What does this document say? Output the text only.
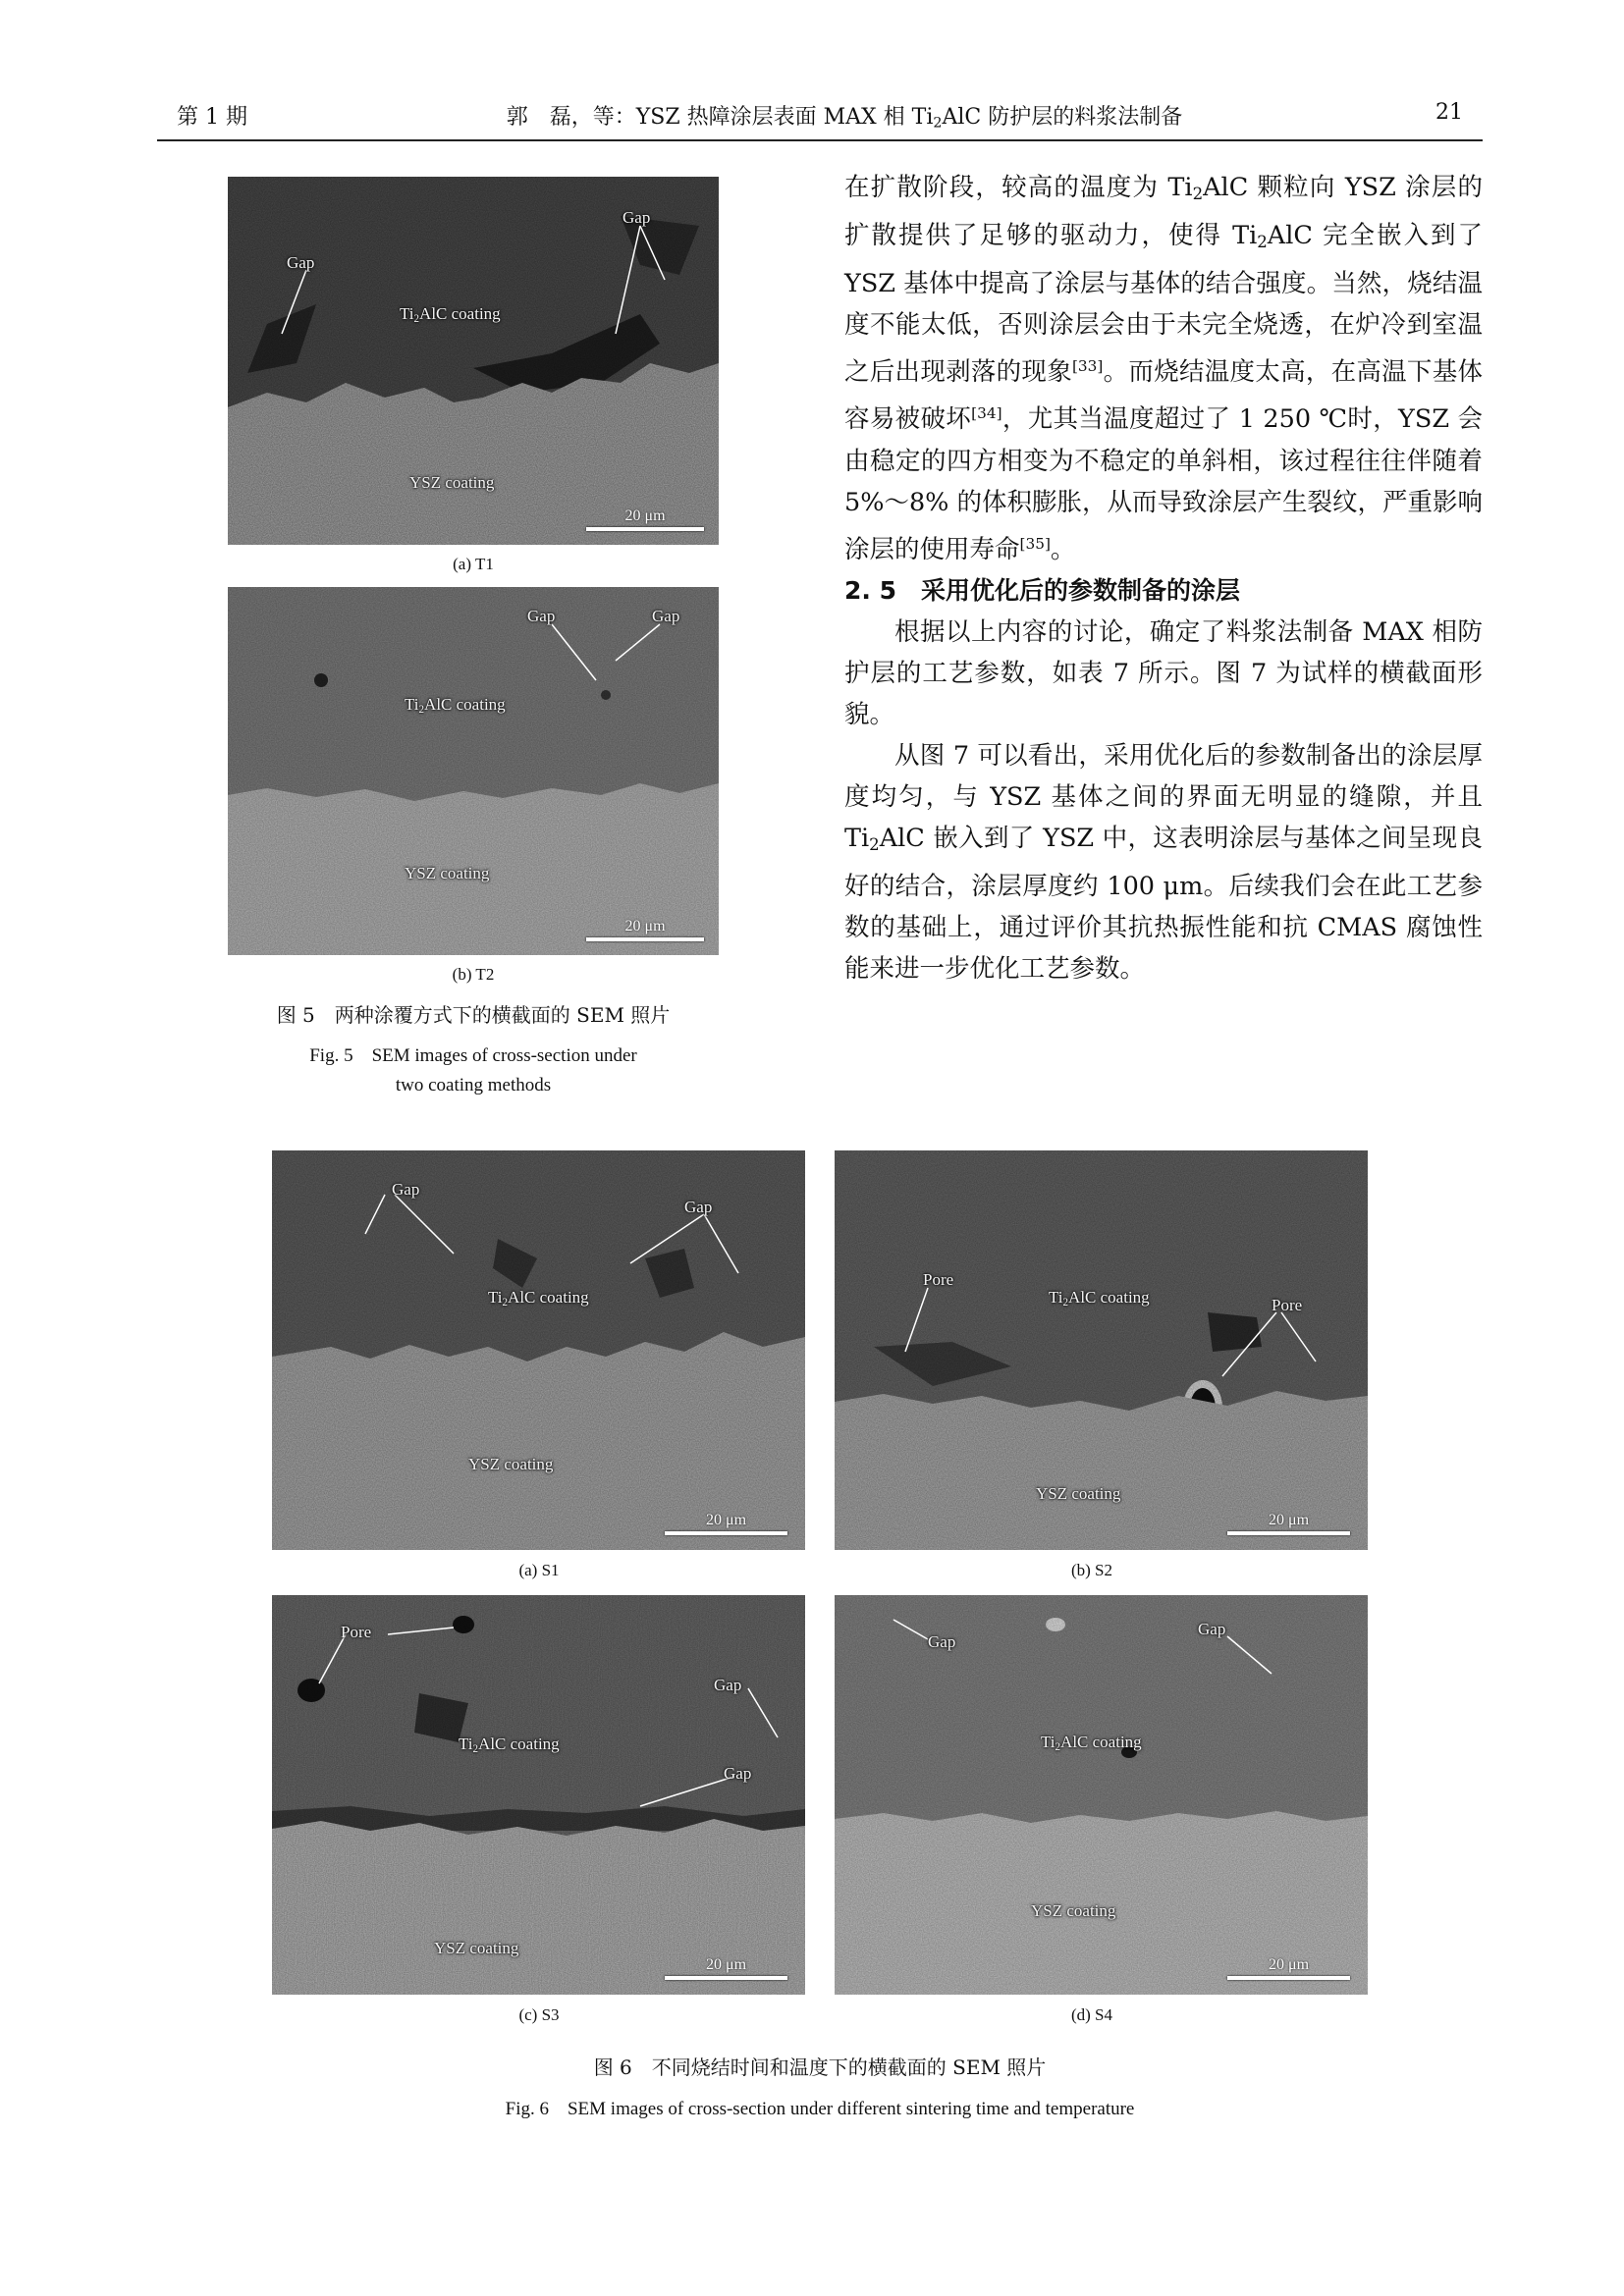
第 1 期	郭　磊，等：YSZ 热障涂层表面 MAX 相 $Ti_2AlC$ 防护层的料浆法制备	21
Gap
Gap
$Ti_2AlC$ coating
YSZ coating
20 μm
(a) T1
Gap	Gap
$Ti_2AlC$ coating
YSZ coating
20 μm
(b) T2
图 5　两种涂覆方式下的横截面的 SEM 照片
Fig. 5　SEM images of cross-section under
two coating methods

在扩散阶段，较高的温度为 $Ti_2AlC$ 颗粒向 YSZ 涂层的扩散提供了足够的驱动力，使得 $Ti_2AlC$ 完全嵌入到了 YSZ 基体中提高了涂层与基体的结合强度。当然，烧结温度不能太低，否则涂层会由于未完全烧透，在炉冷到室温之后出现剥落的现象[33]。而烧结温度太高，在高温下基体容易被破坏[34]，尤其当温度超过了 1 250 ℃时，YSZ 会由稳定的四方相变为不稳定的单斜相，该过程往往伴随着 5%～8% 的体积膨胀，从而导致涂层产生裂纹，严重影响涂层的使用寿命[35]。

2. 5　采用优化后的参数制备的涂层

根据以上内容的讨论，确定了料浆法制备 MAX 相防护层的工艺参数，如表 7 所示。图 7 为试样的横截面形貌。

从图 7 可以看出，采用优化后的参数制备出的涂层厚度均匀，与 YSZ 基体之间的界面无明显的缝隙，并且 $Ti_2AlC$ 嵌入到了 YSZ 中，这表明涂层与基体之间呈现良好的结合，涂层厚度约 100 μm。后续我们会在此工艺参数的基础上，通过评价其抗热振性能和抗 CMAS 腐蚀性能来进一步优化工艺参数。

Gap
Gap
$Ti_2AlC$ coating
YSZ coating
20 μm
(a) S1
Pore
$Ti_2AlC$ coating	Pore
YSZ coating
20 μm
(b) S2
Pore
Gap
$Ti_2AlC$ coating
Gap
YSZ coating
20 μm
(c) S3
Gap
Gap
$Ti_2AlC$ coating
YSZ coating
20 μm
(d) S4
图 6　不同烧结时间和温度下的横截面的 SEM 照片
Fig. 6　SEM images of cross-section under different sintering time and temperature
